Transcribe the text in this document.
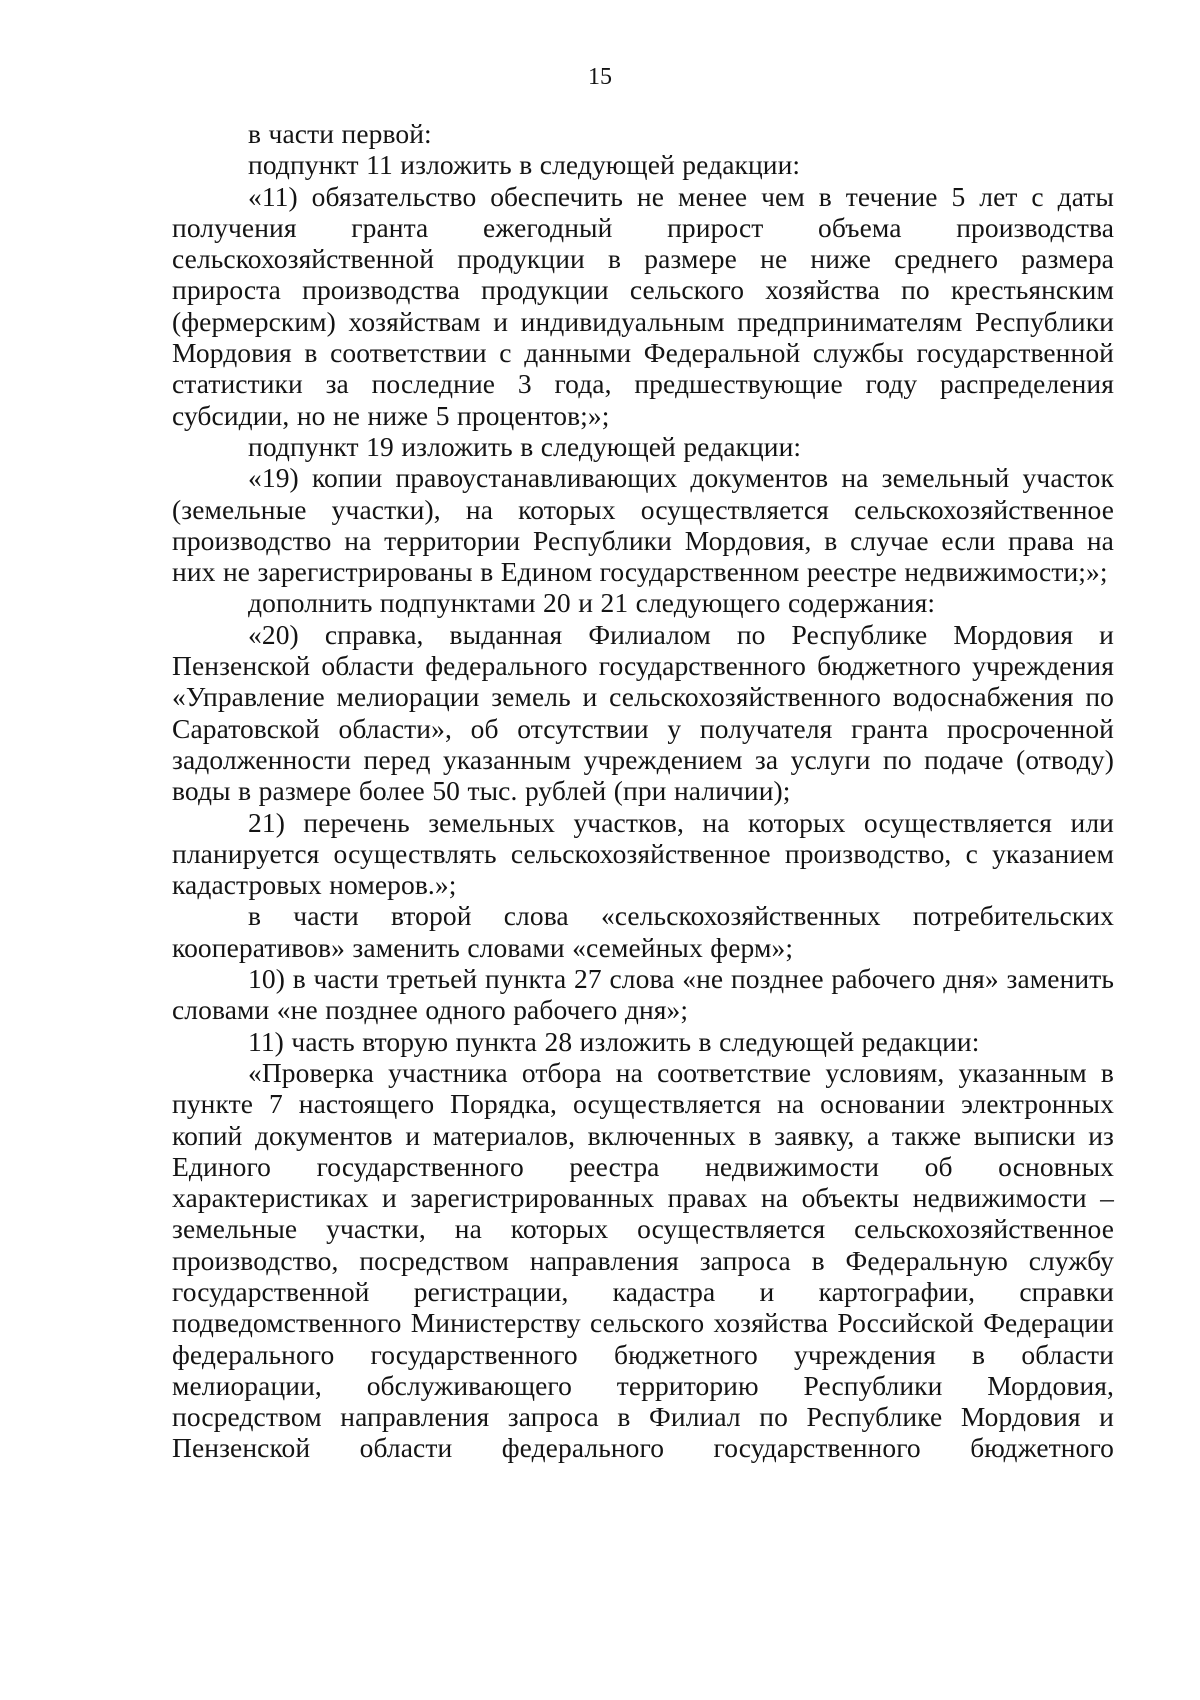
15

в части первой:

подпункт 11 изложить в следующей редакции:

«11) обязательство обеспечить не менее чем в течение 5 лет с даты получения гранта ежегодный прирост объема производства сельскохозяйственной продукции в размере не ниже среднего размера прироста производства продукции сельского хозяйства по крестьянским (фермерским) хозяйствам и индивидуальным предпринимателям Республики Мордовия в соответствии с данными Федеральной службы государственной статистики за последние 3 года, предшествующие году распределения субсидии, но не ниже 5 процентов;»;

подпункт 19 изложить в следующей редакции:

«19) копии правоустанавливающих документов на земельный участок (земельные участки), на которых осуществляется сельскохозяйственное производство на территории Республики Мордовия, в случае если права на них не зарегистрированы в Едином государственном реестре недвижимости;»;

дополнить подпунктами 20 и 21 следующего содержания:

«20) справка, выданная Филиалом по Республике Мордовия и Пензенской области федерального государственного бюджетного учреждения «Управление мелиорации земель и сельскохозяйственного водоснабжения по Саратовской области», об отсутствии у получателя гранта просроченной задолженности перед указанным учреждением за услуги по подаче (отводу) воды в размере более 50 тыс. рублей (при наличии);

21) перечень земельных участков, на которых осуществляется или планируется осуществлять сельскохозяйственное производство, с указанием кадастровых номеров.»;

в части второй слова «сельскохозяйственных потребительских кооперативов» заменить словами «семейных ферм»;

10) в части третьей пункта 27 слова «не позднее рабочего дня» заменить словами «не позднее одного рабочего дня»;

11) часть вторую пункта 28 изложить в следующей редакции:

«Проверка участника отбора на соответствие условиям, указанным в пункте 7 настоящего Порядка, осуществляется на основании электронных копий документов и материалов, включенных в заявку, а также выписки из Единого государственного реестра недвижимости об основных характеристиках и зарегистрированных правах на объекты недвижимости – земельные участки, на которых осуществляется сельскохозяйственное производство, посредством направления запроса в Федеральную службу государственной регистрации, кадастра и картографии, справки подведомственного Министерству сельского хозяйства Российской Федерации федерального государственного бюджетного учреждения в области мелиорации, обслуживающего территорию Республики Мордовия, посредством направления запроса в Филиал по Республике Мордовия и Пензенской области федерального государственного бюджетного
